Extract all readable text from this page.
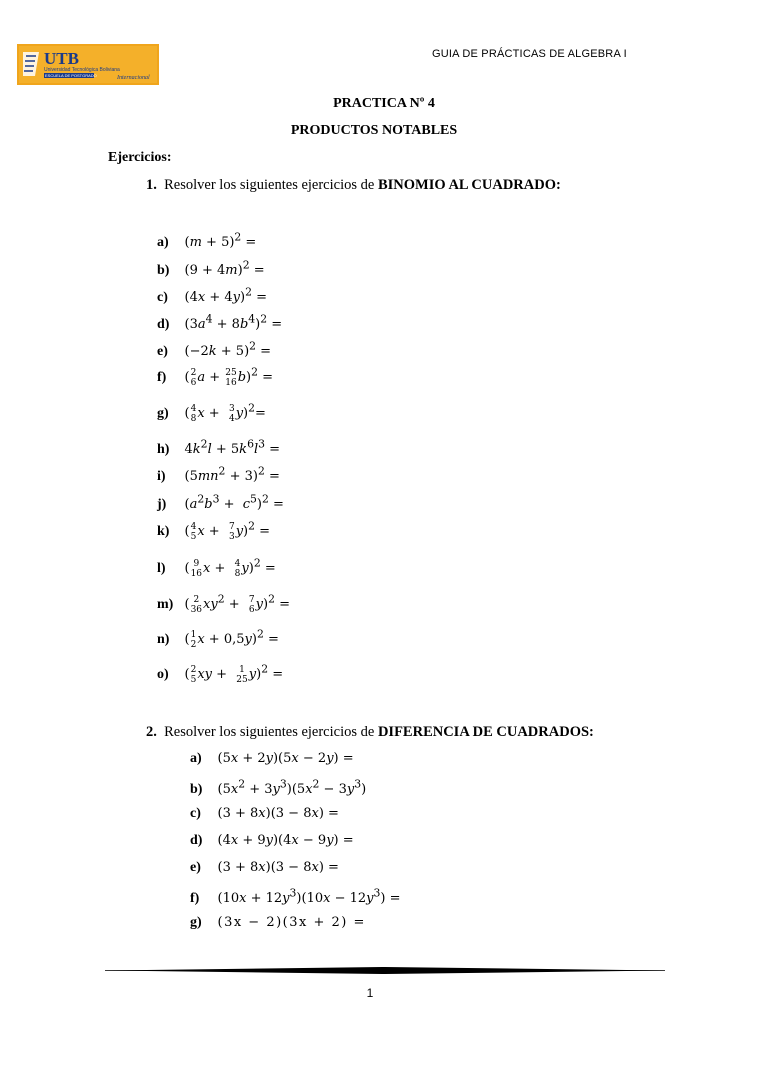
GUIA DE PRÁCTICAS DE ALGEBRA I
UTB
Universidad Tecnológica Boliviana
ESCUELA DE POSTGRADO	Internacional
PRACTICA Nº 4
PRODUCTOS NOTABLES
Ejercicios:
1. Resolver los siguientes ejercicios de BINOMIO AL CUADRADO:
a) $(m + 5)^2$ =
b) $(9 + 4m)^2$ =
c) $(4x + 4y)^2$ =
d) $(3a^4 + 8b^4)^2$ =
e) $(-2k + 5)^2$ =
f) ( 2
6 a + 25
16 b)$^2$ =
g) ( 4
8 x + 3
4 y)$^2$=
h) $4k^2l + 5k^6l^3$ =
i) $(5mn^2 + 3)^2$ =
j) $(a^2b^3 + c^5)^2$ =
k) ( 4
5 x + 7
3 y)$^2$ =
l) ( 9
16 x + 4
8 y)$^2$ =
m) ( 2
36 $xy^2 + 7$
6 y)$^2$ =
n) ( 1
2 x + 0,5y)$^2$ =
o) ( 2
5 xy + 1
25 y)$^2$ =
2. Resolver los siguientes ejercicios de DIFERENCIA DE CUADRADOS:
a) (5x + 2y)(5x − 2y) =
b) $(5x^2 + 3y^3)(5x^2 - 3y^3)$
c) (3 + 8x)(3 − 8x) =
d) (4x + 9y)(4x − 9y) =
e) (3 + 8x)(3 − 8x) =
f) $(10x + 12y^3)(10x - 12y^3)$ =
g) (3x − 2)(3x + 2) =
1
